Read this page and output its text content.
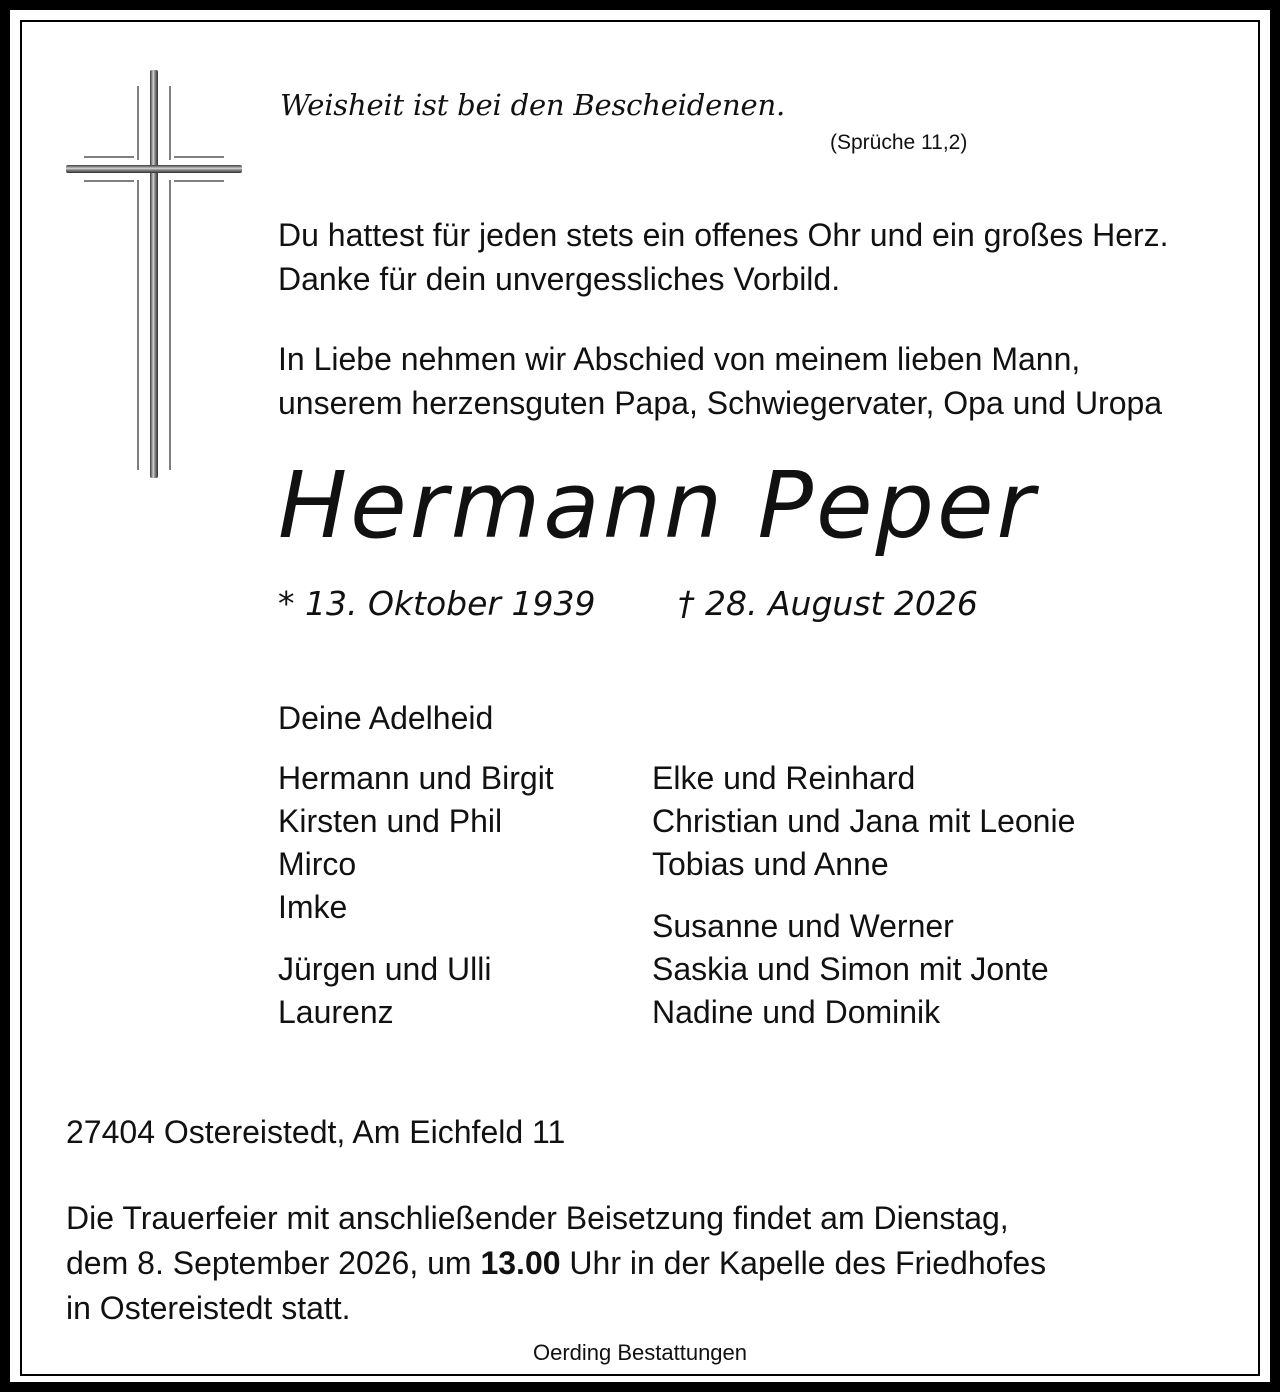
Weisheit ist bei den Bescheidenen.
(Sprüche 11,2)
Du hattest für jeden stets ein offenes Ohr und ein großes Herz.
Danke für dein unvergessliches Vorbild.
In Liebe nehmen wir Abschied von meinem lieben Mann,
unserem herzensguten Papa, Schwiegervater, Opa und Uropa
Hermann Peper
* 13. Oktober 1939	† 28. August 2026
Deine Adelheid
Hermann und Birgit
Kirsten und Phil
Mirco
Imke
Jürgen und Ulli
Laurenz
Elke und Reinhard
Christian und Jana mit Leonie
Tobias und Anne
Susanne und Werner
Saskia und Simon mit Jonte
Nadine und Dominik
27404 Ostereistedt, Am Eichfeld 11
Die Trauerfeier mit anschließender Beisetzung findet am Dienstag,
dem 8. September 2026, um 13.00 Uhr in der Kapelle des Friedhofes
in Ostereistedt statt.
Oerding Bestattungen
